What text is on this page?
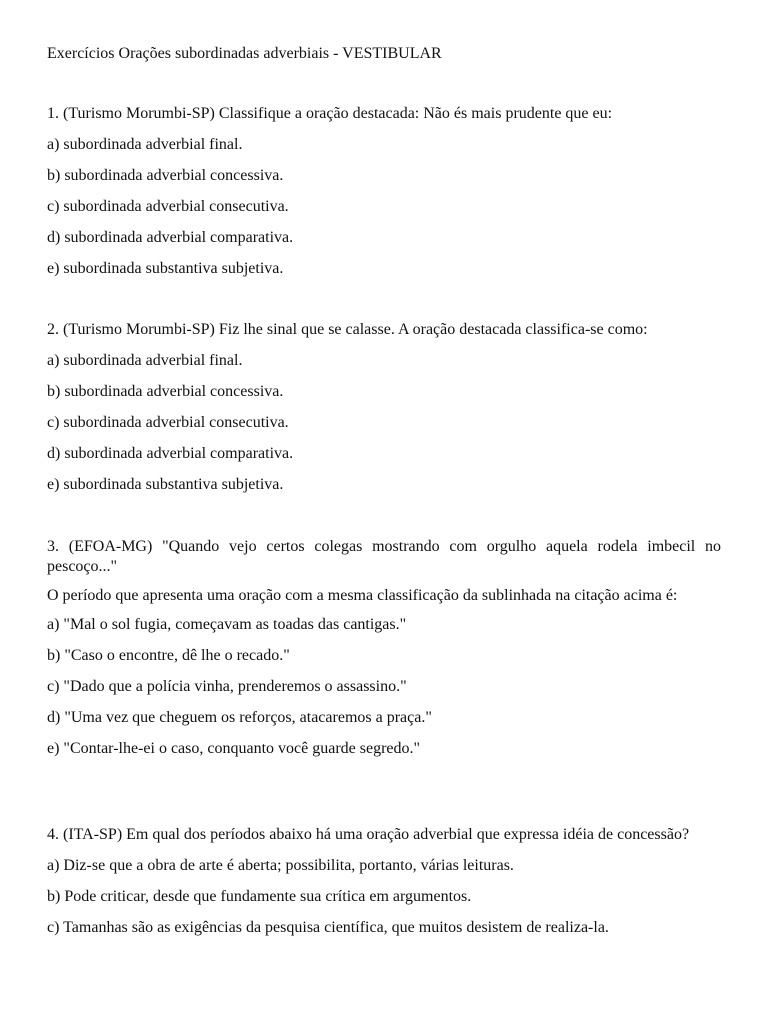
Exercícios Orações subordinadas adverbiais - VESTIBULAR

1. (Turismo Morumbi-SP) Classifique a oração destacada: Não és mais prudente que eu:

a) subordinada adverbial final.
b) subordinada adverbial concessiva.
c) subordinada adverbial consecutiva.
d) subordinada adverbial comparativa.
e) subordinada substantiva subjetiva.

2. (Turismo Morumbi-SP) Fiz lhe sinal que se calasse. A oração destacada classifica-se como:

a) subordinada adverbial final.
b) subordinada adverbial concessiva.
c) subordinada adverbial consecutiva.
d) subordinada adverbial comparativa.
e) subordinada substantiva subjetiva.

3. (EFOA-MG) "Quando vejo certos colegas mostrando com orgulho aquela rodela imbecil no pescoço..."

O período que apresenta uma oração com a mesma classificação da sublinhada na citação acima é:

a) "Mal o sol fugia, começavam as toadas das cantigas."
b) "Caso o encontre, dê lhe o recado."
c) "Dado que a polícia vinha, prenderemos o assassino."
d) "Uma vez que cheguem os reforços, atacaremos a praça."
e) "Contar-lhe-ei o caso, conquanto você guarde segredo."

4. (ITA-SP) Em qual dos períodos abaixo há uma oração adverbial que expressa idéia de concessão?

a) Diz-se que a obra de arte é aberta; possibilita, portanto, várias leituras.
b) Pode criticar, desde que fundamente sua crítica em argumentos.
c) Tamanhas são as exigências da pesquisa científica, que muitos desistem de realiza-la.
